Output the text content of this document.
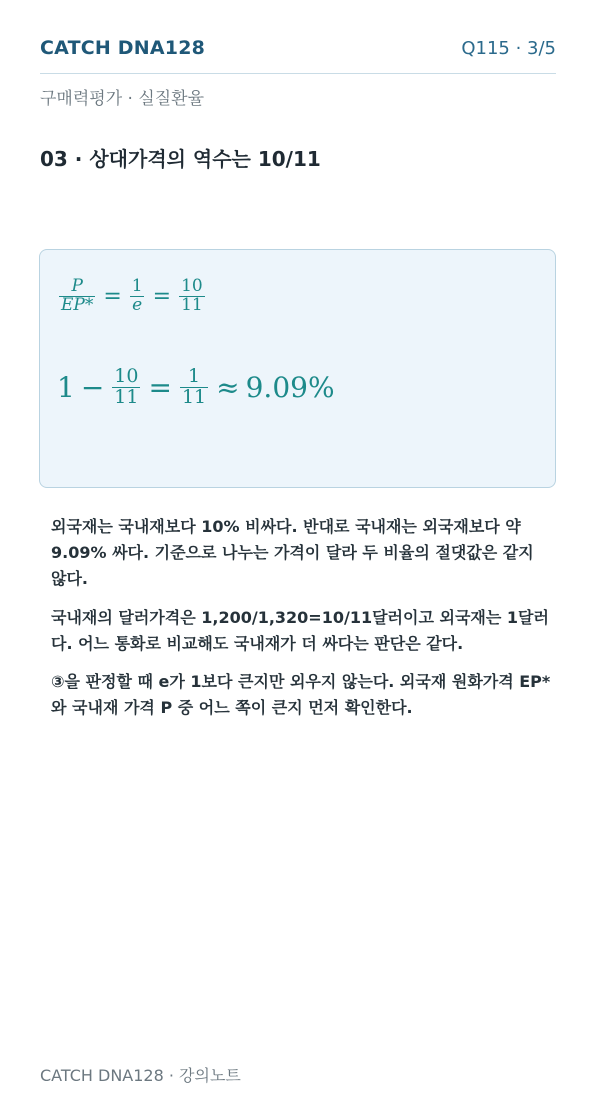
CATCH DNA128	Q115 · 3/5
구매력평가 · 실질환율
03 · 상대가격의 역수는 10/11
$\frac{P}{EP*} = \frac{1}{e} = \frac{10}{11}$
$1 - \frac{10}{11} = \frac{1}{11} \approx 9.09\%$
외국재는 국내재보다 10% 비싸다. 반대로 국내재는 외국재보다 약 9.09% 싸다. 기준으로 나누는 가격이 달라 두 비율의 절댓값은 같지 않다.
국내재의 달러가격은 1,200/1,320=10/11달러이고 외국재는 1달러다. 어느 통화로 비교해도 국내재가 더 싸다는 판단은 같다.
③을 판정할 때 e가 1보다 큰지만 외우지 않는다. 외국재 원화가격 EP*와 국내재 가격 P 중 어느 쪽이 큰지 먼저 확인한다.
CATCH DNA128 · 강의노트
